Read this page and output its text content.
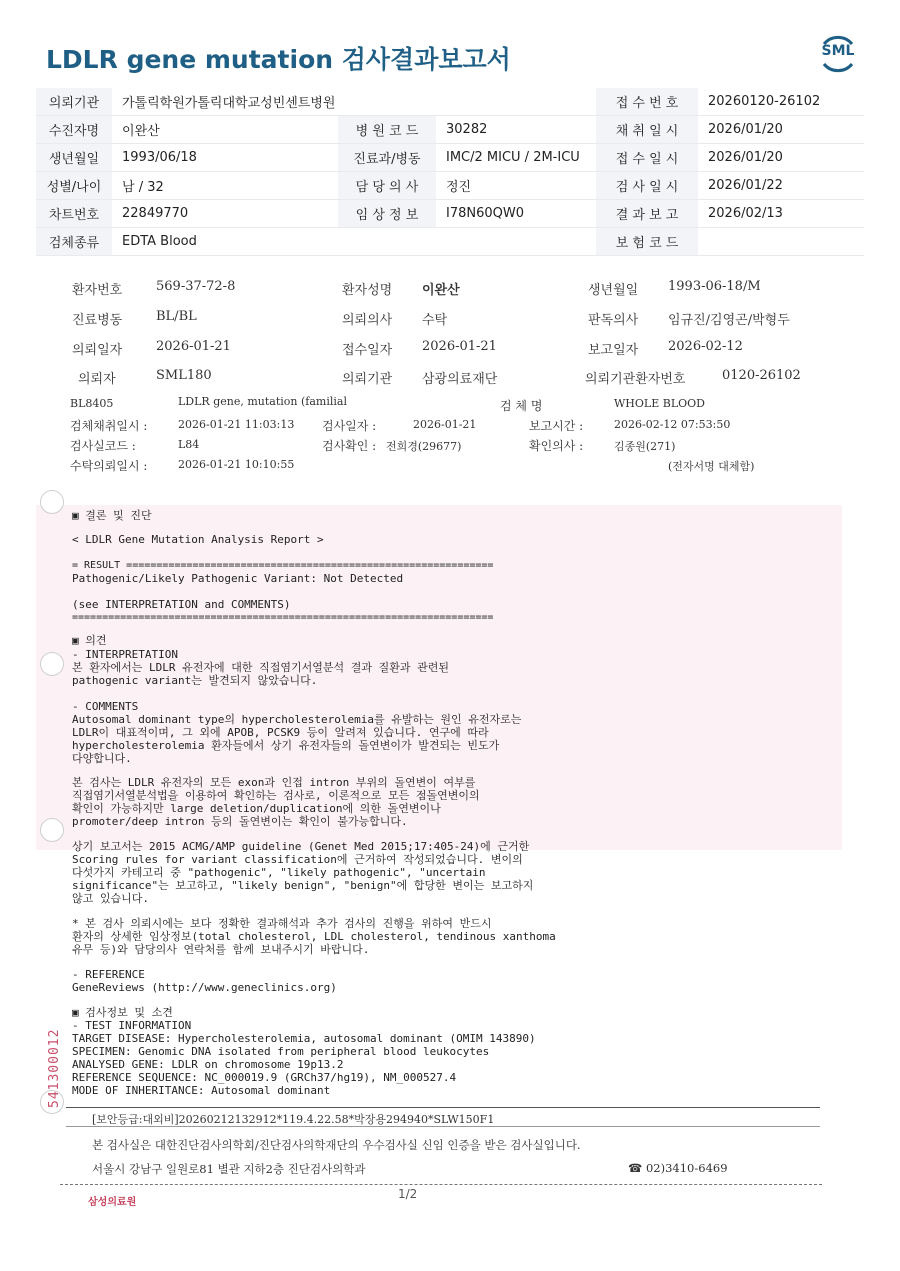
LDLR gene mutation 검사결과보고서	SML
의뢰기관	가톨릭학원가톨릭대학교성빈센트병원			접 수 번 호	20260120-26102
수진자명	이완산	병 원 코 드	30282	채 취 일 시	2026/01/20
생년월일	1993/06/18	진료과/병동	IMC/2 MICU / 2M-ICU	접 수 일 시	2026/01/20
성별/나이	남 / 32	담 당 의 사	정진	검 사 일 시	2026/01/22
차트번호	22849770	임 상 정 보	I78N60QW0	결 과 보 고	2026/02/13
검체종류	EDTA Blood			보 험 코 드	
환자번호	569-37-72-8	환자성명 이완산	생년월일 1993-06-18/M
진료병동	BL/BL	의뢰의사 수탁	판독의사 임규진/김영곤/박형두
의뢰일자	2026-01-21	접수일자 2026-01-21	보고일자 2026-02-12
의뢰자	SML180	의뢰기관 삼광의료재단	의뢰기관환자번호	0120-26102
BL8405	LDLR gene, mutation (familial	검 체 명	WHOLE BLOOD
검체채취일시 :	2026-01-21 11:03:13 검사일자 :	2026-01-21	보고시간 :	2026-02-12 07:53:50
검사실코드 :	L84	검사확인 : 전희경(29677)	확인의사 :	김종원(271)
수탁의뢰일시 :	2026-01-21 10:10:55	(전자서명 대체함)
▣ 결론 및 진단
< LDLR Gene Mutation Analysis Report >
= RESULT =============================================================
Pathogenic/Likely Pathogenic Variant: Not Detected
(see INTERPRETATION and COMMENTS)
======================================================================
▣ 의견
- INTERPRETATION
본 환자에서는 LDLR 유전자에 대한 직접염기서열분석 결과 질환과 관련된
pathogenic variant는 발견되지 않았습니다.
- COMMENTS
Autosomal dominant type의 hypercholesterolemia를 유발하는 원인 유전자로는
LDLR이 대표적이며, 그 외에 APOB, PCSK9 등이 알려져 있습니다. 연구에 따라
hypercholesterolemia 환자들에서 상기 유전자들의 돌연변이가 발견되는 빈도가
다양합니다.
본 검사는 LDLR 유전자의 모든 exon과 인접 intron 부위의 돌연변이 여부를
직접염기서열분석법을 이용하여 확인하는 검사로, 이론적으로 모든 점돌연변이의
확인이 가능하지만 large deletion/duplication에 의한 돌연변이나
promoter/deep intron 등의 돌연변이는 확인이 불가능합니다.
상기 보고서는 2015 ACMG/AMP guideline (Genet Med 2015;17:405-24)에 근거한
Scoring rules for variant classification에 근거하여 작성되었습니다. 변이의
다섯가지 카테고리 중 "pathogenic", "likely pathogenic", "uncertain
significance"는 보고하고, "likely benign", "benign"에 합당한 변이는 보고하지
않고 있습니다.
* 본 검사 의뢰시에는 보다 정확한 결과해석과 추가 검사의 진행을 위하여 반드시
환자의 상세한 임상정보(total cholesterol, LDL cholesterol, tendinous xanthoma
유무 등)와 담당의사 연락처를 함께 보내주시기 바랍니다.
- REFERENCE
GeneReviews (http://www.geneclinics.org)
▣ 검사정보 및 소견
- TEST INFORMATION
TARGET DISEASE: Hypercholesterolemia, autosomal dominant (OMIM 143890)
SPECIMEN: Genomic DNA isolated from peripheral blood leukocytes
ANALYSED GENE: LDLR on chromosome 19p13.2
REFERENCE SEQUENCE: NC_000019.9 (GRCh37/hg19), NM_000527.4
MODE OF INHERITANCE: Autosomal dominant
541300012
[보안등급:대외비]20260212132912*119.4.22.58*박장용294940*SLW150F1
본 검사실은 대한진단검사의학회/진단검사의학재단의 우수검사실 신임 인증을 받은 검사실입니다.
서울시 강남구 일원로81 별관 지하2층 진단검사의학과	☎ 02)3410-6469
삼성의료원
1/2
